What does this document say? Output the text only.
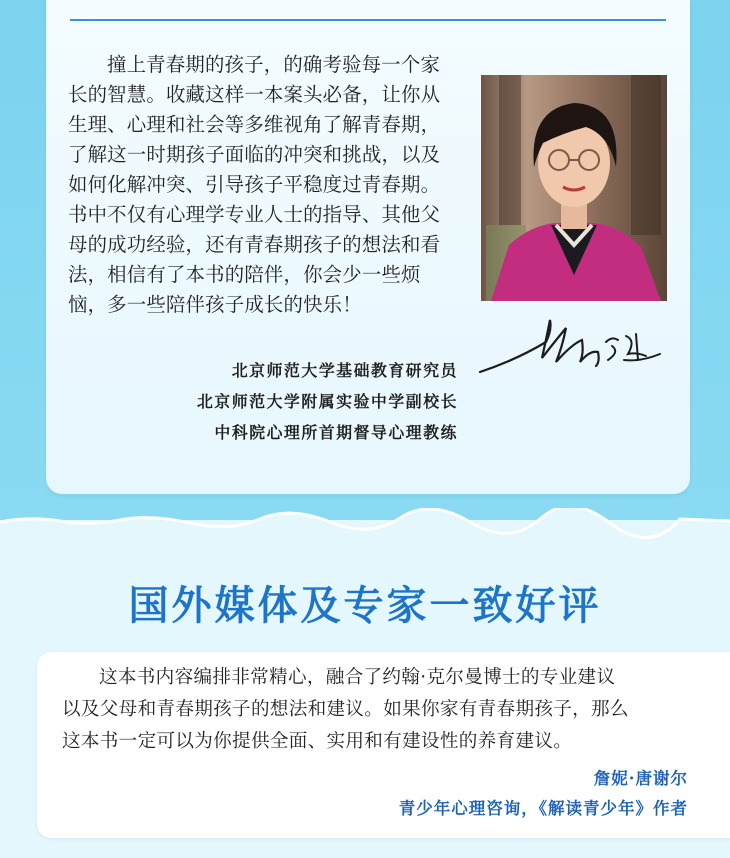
撞上青春期的孩子，的确考验每一个家

长的智慧。收藏这样一本案头必备，让你从
生理、心理和社会等多维视角了解青春期，
了解这一时期孩子面临的冲突和挑战，以及
如何化解冲突、引导孩子平稳度过青春期。
书中不仅有心理学专业人士的指导、其他父
母的成功经验，还有青春期孩子的想法和看
法，相信有了本书的陪伴，你会少一些烦
恼，多一些陪伴孩子成长的快乐！
北京师范大学基础教育研究员
北京师范大学附属实验中学副校长
中科院心理所首期督导心理教练
国外媒体及专家一致好评

这本书内容编排非常精心，融合了约翰·克尔曼博士的专业建议

以及父母和青春期孩子的想法和建议。如果你家有青春期孩子，那么
这本书一定可以为你提供全面、实用和有建设性的养育建议。
詹妮·唐谢尔
青少年心理咨询，《解读青少年》作者
